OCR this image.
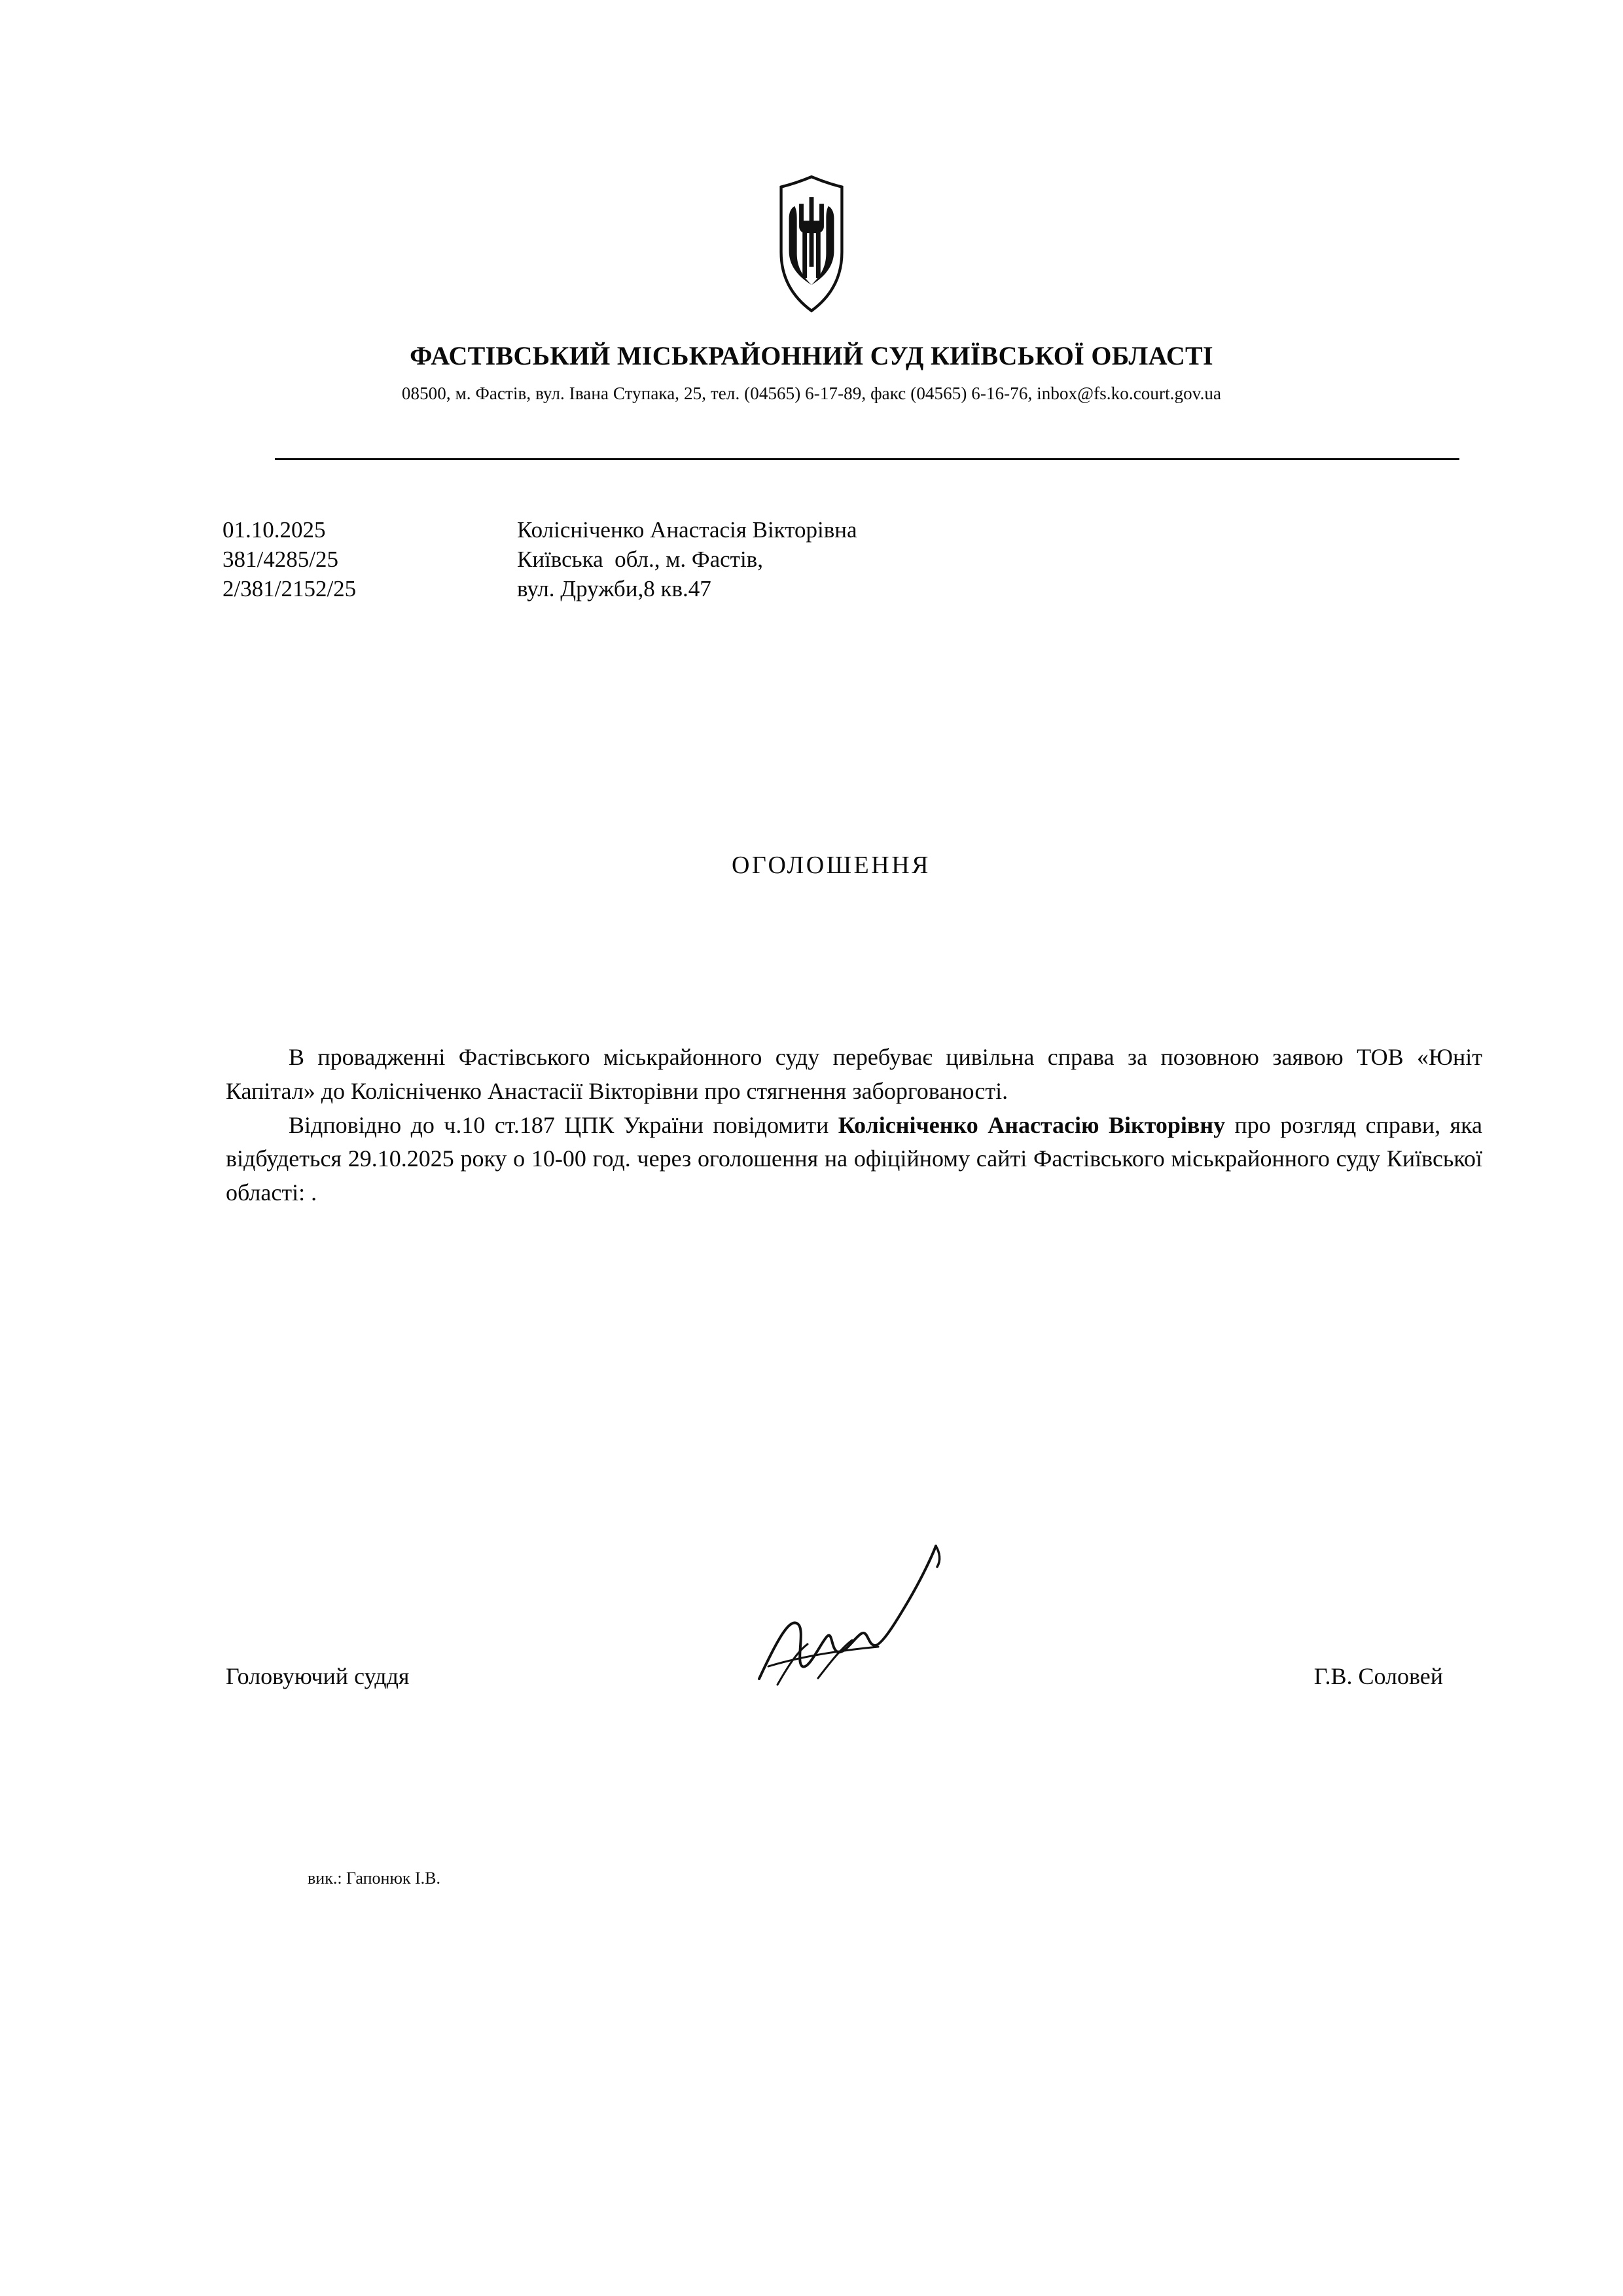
ФАСТІВСЬКИЙ МІСЬКРАЙОННИЙ СУД КИЇВСЬКОЇ ОБЛАСТІ
08500, м. Фастів, вул. Івана Ступака, 25, тел. (04565) 6-17-89, факс (04565) 6-16-76, inbox@fs.ko.court.gov.ua
01.10.2025
381/4285/25
2/381/2152/25
Колісніченко Анастасія Вікторівна
Київська  обл., м. Фастів,
вул. Дружби,8 кв.47
ОГОЛОШЕННЯ

В провадженні Фастівського міськрайонного суду перебуває цивільна справа за позовною заявою ТОВ «Юніт Капітал» до Колісніченко Анастасії Вікторівни про стягнення заборгованості.

Відповідно до ч.10 ст.187 ЦПК України повідомити Колісніченко Анастасію Вікторівну про розгляд справи, яка відбудеться 29.10.2025 року о 10-00 год. через оголошення на офіційному сайті Фастівського міськрайонного суду Київської області: .

Головуючий суддя	Г.В. Соловей
вик.: Гапонюк І.В.
